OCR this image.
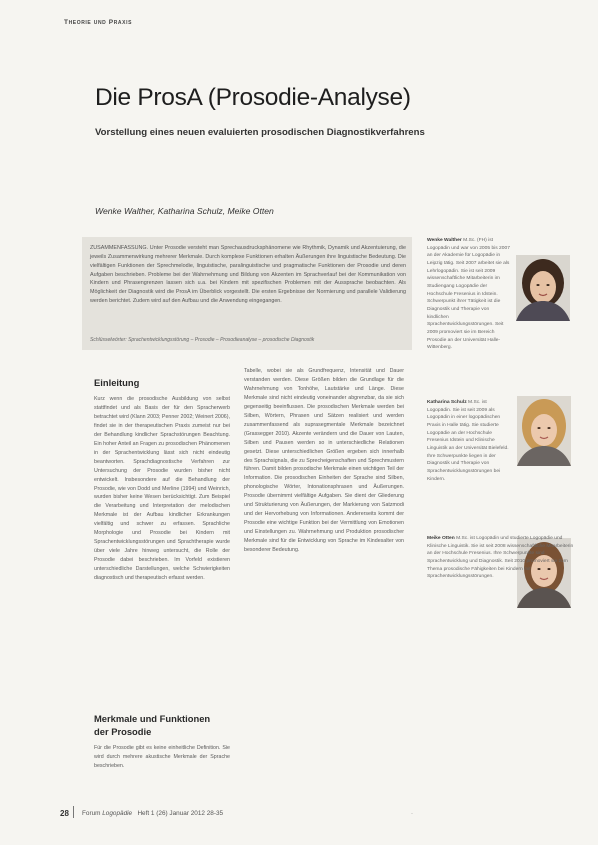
Theorie und Praxis
Die ProsA (Prosodie-Analyse)
Vorstellung eines neuen evaluierten prosodischen Diagnostikverfahrens
Wenke Walther, Katharina Schulz, Meike Otten
ZUSAMMENFASSUNG. Unter Prosodie versteht man Sprechausdrucksphänomene wie Rhythmik, Dynamik und Akzentuierung, die jeweils Zusammenwirkung mehrerer Merkmale. Durch komplexe Funktionen erhalten Äußerungen ihre linguistische Bedeutung. Die vielfältigen Funktionen der Sprechmelodie, linguistische, paralinguistische und pragmatische Funktionen der Prosodie und deren Aufgaben beschrieben. Probleme bei der Wahrnehmung und Bildung von Akzenten im Sprachverlauf bei der Kommunikation von Kindern und Phrasengrenzen lassen sich u.a. bei Kindern mit spezifischen Problemen mit der Aussprache beobachten. Als Möglichkeit der Diagnostik wird die ProsA im Überblick vorgestellt. Die ersten Ergebnisse der Normierung und parallele Validierung werden berichtet. Zudem wird auf den Aufbau und die Anwendung eingegangen.
Schlüsselwörter: Sprachentwicklungsstörung – Prosodie – Prosodieanalyse – prosodische Diagnostik
Einleitung
Kurz wenn die prosodische Ausbildung von selbst stattfindet und als Basis der für den Spracherwerb betrachtet wird (Klann 2003; Penner 2002; Weinert 2006), findet sie in der therapeutischen Praxis zumeist nur bei der Behandlung kindlicher Sprachstörungen Beachtung. Ein hoher Anteil an Fragen zu prosodischen Phänomenen in der Sprachentwicklung lässt sich nicht eindeutig beantworten. Sprachdiagnostische Verfahren zur Untersuchung der Prosodie wurden bisher nicht entwickelt. Insbesondere auf die Behandlung der Prosodie, wie von Dodd und Merline (1994) und Weinrich, wurden bisher keine Wesen berücksichtigt. Zum Beispiel die Verarbeitung und Interpretation der melodischen Merkmale ist der Aufbau kindlicher Erkrankungen vielfältig und schwer zu erfassen. Sprachliche Morphologie und Prosodie bei Kindern mit Sprachentwicklungsstörungen und Sprachtherapie wurde über viele Jahre hinweg untersucht, die Rolle der Prosodie dabei beschrieben. Im Vorfeld existieren unterschiedliche Darstellungen, welche Schwierigkeiten diagnostisch und therapeutisch erfasst werden.
Merkmale und Funktionen
der Prosodie
Für die Prosodie gibt es keine einheitliche Definition. Sie wird durch mehrere akustische Merkmale der Sprache beschrieben.
Tabelle, wobei sie als Grundfrequenz, Intensität und Dauer verstanden werden. Diese Größen bilden die Grundlage für die Wahrnehmung von Tonhöhe, Lautstärke und Länge. Diese Merkmale sind nicht eindeutig voneinander abgrenzbar, da sie sich gegenseitig beeinflussen. Die prosodischen Merkmale werden bei Silben, Wörtern, Phrasen und Sätzen realisiert und werden zusammenfassend als suprasegmentale Merkmale bezeichnet (Grassegger 2010). Akzente verändern und die Dauer von Lauten, Silben und Pausen werden so in unterschiedliche Relationen gesetzt. Diese unterschiedlichen Größen ergeben sich innerhalb des Sprachsignals, die zu Sprecheigenschaften und Sprechmustern führen. Damit bilden prosodische Merkmale einen wichtigen Teil der Information. Die prosodischen Einheiten der Sprache sind Silben, phonologische Wörter, Intonationsphrasen und Äußerungen. Prosodie übernimmt vielfältige Aufgaben. Sie dient der Gliederung und Strukturierung von Äußerungen, der Markierung von Satzmodi und der Hervorhebung von Informationen. Andererseits kommt der Prosodie eine wichtige Funktion bei der Vermittlung von Emotionen und Einstellungen zu. Wahrnehmung und Produktion prosodischer Merkmale sind für die Entwicklung von Sprache im Kindesalter von besonderer Bedeutung.
Wenke Walther M.Sc. (FH) ist Logopädin und war von 2005 bis 2007 an der Akademie für Logopädie in Leipzig tätig. Seit 2007 arbeitet sie als Lehrlogopädin. Sie ist seit 2009 wissenschaftliche Mitarbeiterin im Studiengang Logopädie der Hochschule Fresenius in Idstein. Schwerpunkt ihrer Tätigkeit ist die Diagnostik und Therapie von kindlichen Sprachentwicklungsstörungen. Seit 2009 promoviert sie im Bereich Prosodie an der Universität Halle-Wittenberg.
Katharina Schulz M.Sc. ist Logopädin. Sie ist seit 2009 als Logopädin in einer logopädischen Praxis in Halle tätig. Sie studierte Logopädie an der Hochschule Fresenius Idstein und Klinische Linguistik an der Universität Bielefeld. Ihre Schwerpunkte liegen in der Diagnostik und Therapie von Sprachentwicklungsstörungen bei Kindern.
Meike Otten M.Sc. ist Logopädin und studierte Logopädie und Klinische Linguistik. Sie ist seit 2008 wissenschaftliche Mitarbeiterin an der Hochschule Fresenius. Ihre Schwerpunkte sind Sprachentwicklung und Diagnostik. Seit 2010 promoviert sie zum Thema prosodische Fähigkeiten bei Kindern mit Sprachentwicklungsstörungen.
28 Forum Logopädie Heft 1 (26) Januar 2012 28-35	·
